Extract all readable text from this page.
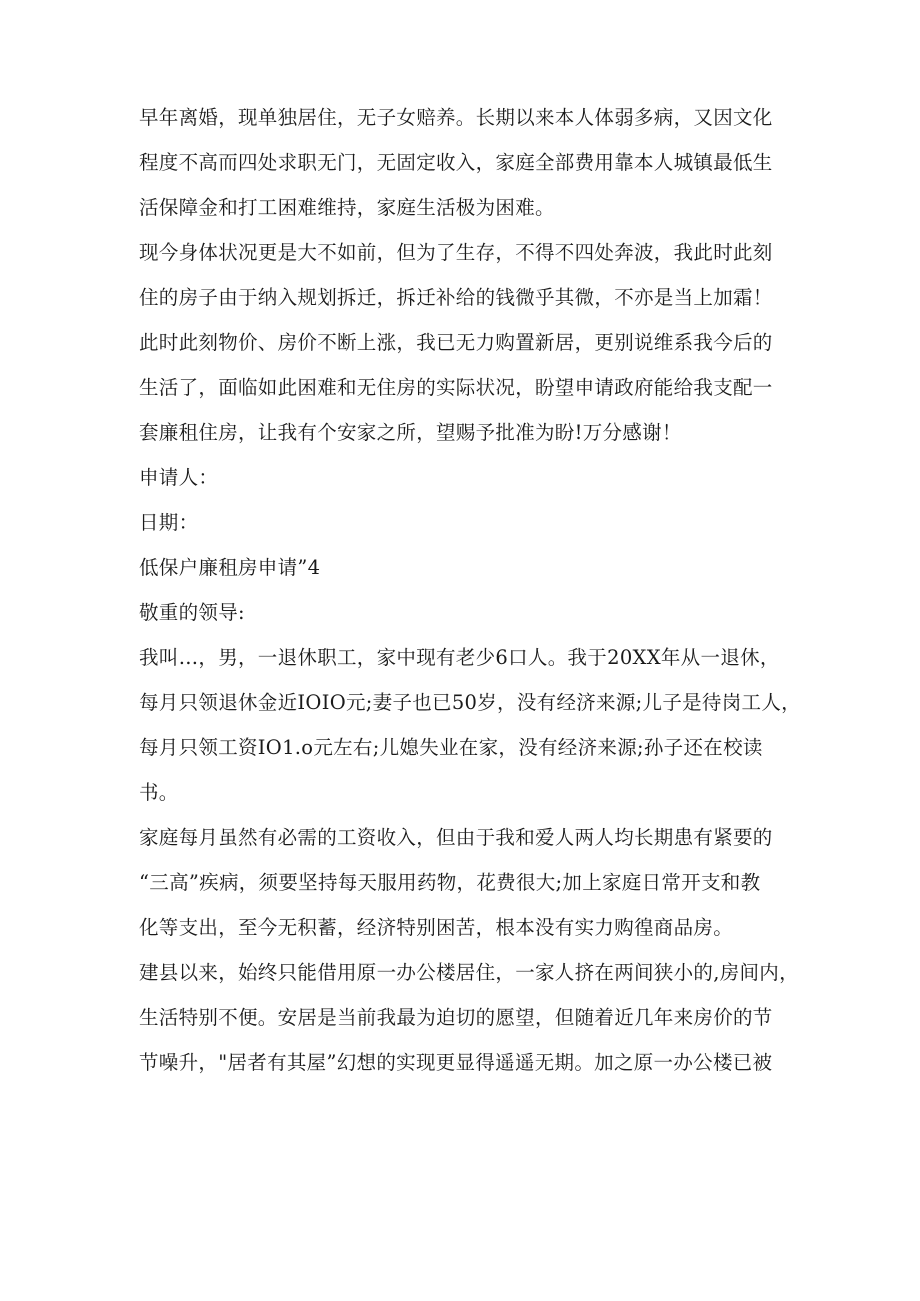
早年离婚，现单独居住，无子女赔养。长期以来本人体弱多病，又因文化
程度不高而四处求职无门，无固定收入，家庭全部费用靠本人城镇最低生
活保障金和打工困难维持，家庭生活极为困难。

现今身体状况更是大不如前，但为了生存，不得不四处奔波，我此时此刻
住的房子由于纳入规划拆迁，拆迁补给的钱微乎其微，不亦是当上加霜！

此时此刻物价、房价不断上涨，我已无力购置新居，更别说维系我今后的
生活了，面临如此困难和无住房的实际状况，盼望申请政府能给我支配一
套廉租住房，让我有个安家之所，望赐予批准为盼!万分感谢！

申请人：

日期：

低保户廉租房申请”4

敬重的领导:

我叫…，男，一退休职工，家中现有老少6口人。我于20XX年从一退休，
每月只领退休金近IOIO元;妻子也已50岁，没有经济来源;儿子是待岗工人，
每月只领工资IO1.o元左右;儿媳失业在家，没有经济来源;孙子还在校读
书。

家庭每月虽然有必需的工资收入，但由于我和爱人两人均长期患有紧要的
“三高”疾病，须要坚持每天服用药物，花费很大;加上家庭日常开支和教
化等支出，至今无积蓄，经济特别困苦，根本没有实力购徨商品房。

建县以来，始终只能借用原一办公楼居住，一家人挤在两间狭小的,房间内，
生活特别不便。安居是当前我最为迫切的愿望，但随着近几年来房价的节
节噪升，"居者有其屋”幻想的实现更显得遥遥无期。加之原一办公楼已被
